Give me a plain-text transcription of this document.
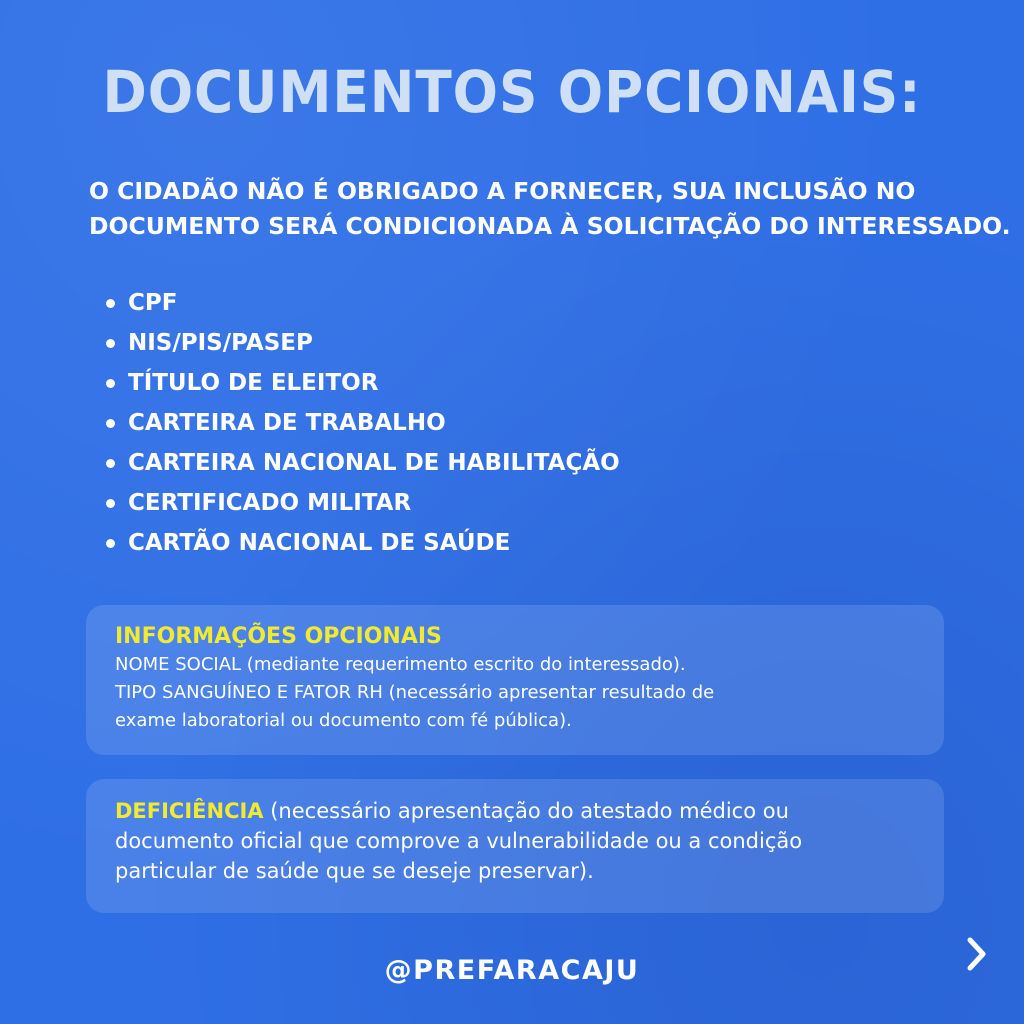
DOCUMENTOS OPCIONAIS:
O CIDADÃO NÃO É OBRIGADO A FORNECER, SUA INCLUSÃO NO
DOCUMENTO SERÁ CONDICIONADA À SOLICITAÇÃO DO INTERESSADO.
CPF
NIS/PIS/PASEP
TÍTULO DE ELEITOR
CARTEIRA DE TRABALHO
CARTEIRA NACIONAL DE HABILITAÇÃO
CERTIFICADO MILITAR
CARTÃO NACIONAL DE SAÚDE
INFORMAÇÕES OPCIONAIS
NOME SOCIAL (mediante requerimento escrito do interessado).
TIPO SANGUÍNEO E FATOR RH (necessário apresentar resultado de
exame laboratorial ou documento com fé pública).
DEFICIÊNCIA (necessário apresentação do atestado médico ou
documento oficial que comprove a vulnerabilidade ou a condição
particular de saúde que se deseje preservar).
@PREFARACAJU
